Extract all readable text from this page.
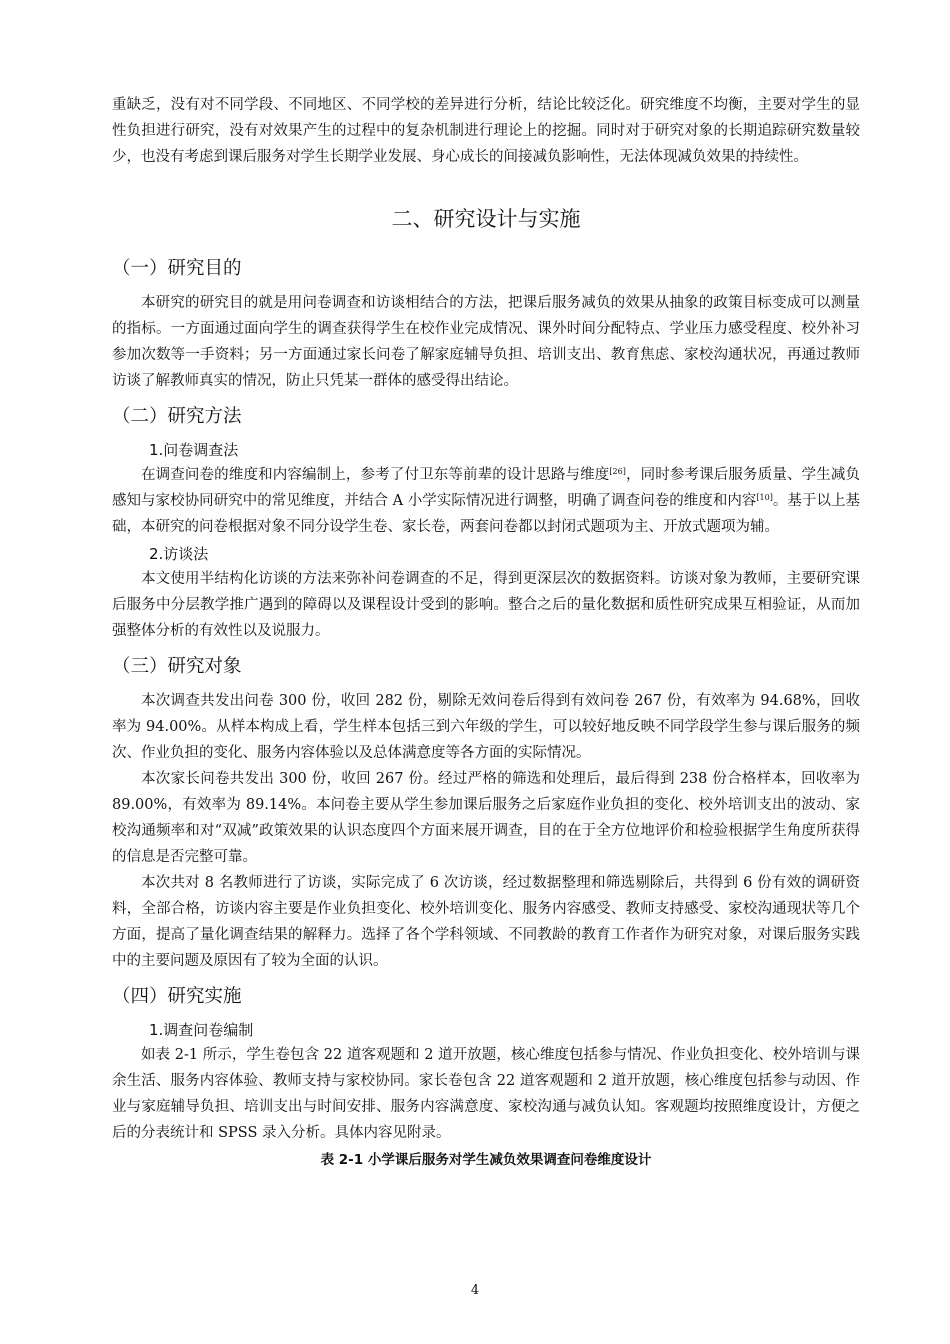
重缺乏，没有对不同学段、不同地区、不同学校的差异进行分析，结论比较泛化。研究维度不均衡，主要对学生的显性负担进行研究，没有对效果产生的过程中的复杂机制进行理论上的挖掘。同时对于研究对象的长期追踪研究数量较少，也没有考虑到课后服务对学生长期学业发展、身心成长的间接减负影响性，无法体现减负效果的持续性。

二、研究设计与实施
（一）研究目的

本研究的研究目的就是用问卷调查和访谈相结合的方法，把课后服务减负的效果从抽象的政策目标变成可以测量的指标。一方面通过面向学生的调查获得学生在校作业完成情况、课外时间分配特点、学业压力感受程度、校外补习参加次数等一手资料；另一方面通过家长问卷了解家庭辅导负担、培训支出、教育焦虑、家校沟通状况，再通过教师访谈了解教师真实的情况，防止只凭某一群体的感受得出结论。

（二）研究方法
1.问卷调查法

在调查问卷的维度和内容编制上，参考了付卫东等前辈的设计思路与维度[26]，同时参考课后服务质量、学生减负感知与家校协同研究中的常见维度，并结合 A 小学实际情况进行调整，明确了调查问卷的维度和内容[10]。基于以上基础，本研究的问卷根据对象不同分设学生卷、家长卷，两套问卷都以封闭式题项为主、开放式题项为辅。

2.访谈法

本文使用半结构化访谈的方法来弥补问卷调查的不足，得到更深层次的数据资料。访谈对象为教师，主要研究课后服务中分层教学推广遇到的障碍以及课程设计受到的影响。整合之后的量化数据和质性研究成果互相验证，从而加强整体分析的有效性以及说服力。

（三）研究对象

本次调查共发出问卷 300 份，收回 282 份，剔除无效问卷后得到有效问卷 267 份，有效率为 94.68%，回收率为 94.00%。从样本构成上看，学生样本包括三到六年级的学生，可以较好地反映不同学段学生参与课后服务的频次、作业负担的变化、服务内容体验以及总体满意度等各方面的实际情况。

本次家长问卷共发出 300 份，收回 267 份。经过严格的筛选和处理后，最后得到 238 份合格样本，回收率为 89.00%，有效率为 89.14%。本问卷主要从学生参加课后服务之后家庭作业负担的变化、校外培训支出的波动、家校沟通频率和对“双减”政策效果的认识态度四个方面来展开调查，目的在于全方位地评价和检验根据学生角度所获得的信息是否完整可靠。

本次共对 8 名教师进行了访谈，实际完成了 6 次访谈，经过数据整理和筛选剔除后，共得到 6 份有效的调研资料，全部合格，访谈内容主要是作业负担变化、校外培训变化、服务内容感受、教师支持感受、家校沟通现状等几个方面，提高了量化调查结果的解释力。选择了各个学科领域、不同教龄的教育工作者作为研究对象，对课后服务实践中的主要问题及原因有了较为全面的认识。

（四）研究实施
1.调查问卷编制

如表 2-1 所示，学生卷包含 22 道客观题和 2 道开放题，核心维度包括参与情况、作业负担变化、校外培训与课余生活、服务内容体验、教师支持与家校协同。家长卷包含 22 道客观题和 2 道开放题，核心维度包括参与动因、作业与家庭辅导负担、培训支出与时间安排、服务内容满意度、家校沟通与减负认知。客观题均按照维度设计，方便之后的分表统计和 SPSS 录入分析。具体内容见附录。

表 2-1 小学课后服务对学生减负效果调查问卷维度设计
4
